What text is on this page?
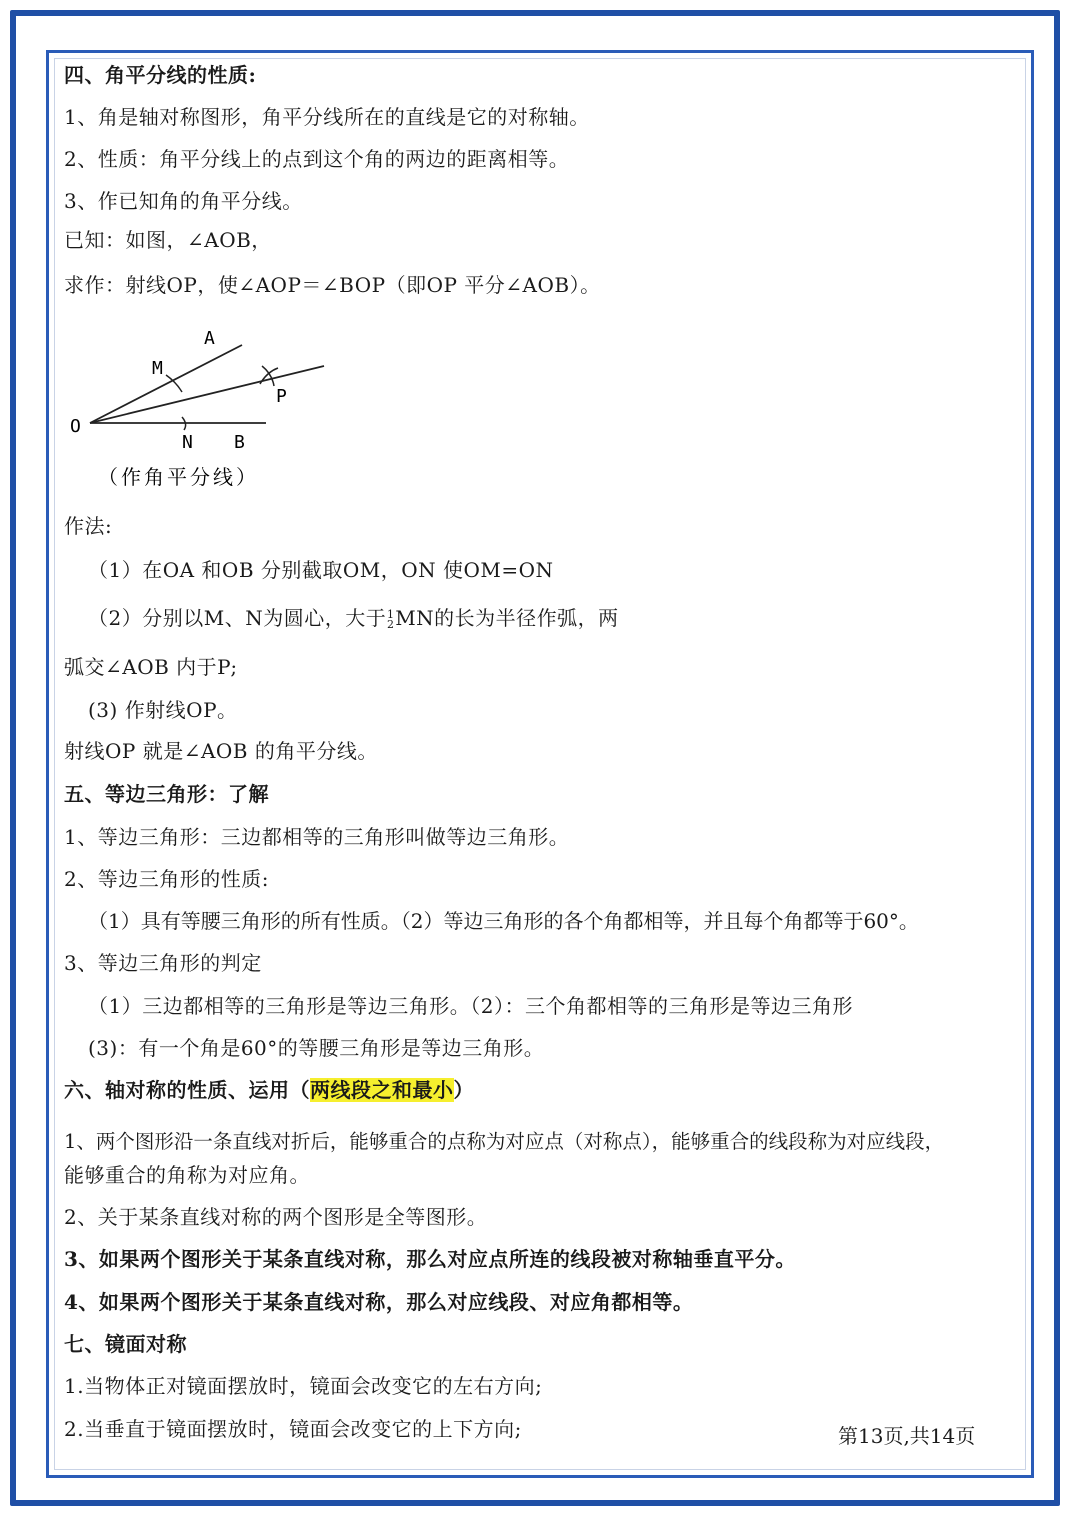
四、角平分线的性质:
1、角是轴对称图形，角平分线所在的直线是它的对称轴。
2、性质：角平分线上的点到这个角的两边的距离相等。
3、作已知角的角平分线。
已知：如图，∠AOB，
求作：射线OP，使∠AOP＝∠BOP（即OP 平分∠AOB）。
A
M
P
O
N B
（作角平分线）
作法:
（1）在OA 和OB 分别截取OM，ON 使OM=ON
（2）分别以M、N为圆心，大于 1
2 MN的长为半径作弧，两
弧交∠AOB 内于P;
(3) 作射线OP。
射线OP 就是∠AOB 的角平分线。
五、等边三角形：了解
1、等边三角形：三边都相等的三角形叫做等边三角形。
2、等边三角形的性质:
（1）具有等腰三角形的所有性质。（2）等边三角形的各个角都相等，并且每个角都等于60°。
3、等边三角形的判定
（1）三边都相等的三角形是等边三角形。（2）：三个角都相等的三角形是等边三角形
(3)：有一个角是60°的等腰三角形是等边三角形。
六、轴对称的性质、运用（两线段之和最小）
1、两个图形沿一条直线对折后，能够重合的点称为对应点（对称点），能够重合的线段称为对应线段，
能够重合的角称为对应角。
2、关于某条直线对称的两个图形是全等图形。
3、如果两个图形关于某条直线对称，那么对应点所连的线段被对称轴垂直平分。
4、如果两个图形关于某条直线对称，那么对应线段、对应角都相等。
七、镜面对称
1.当物体正对镜面摆放时，镜面会改变它的左右方向;
2.当垂直于镜面摆放时，镜面会改变它的上下方向;	第13页,共14页
